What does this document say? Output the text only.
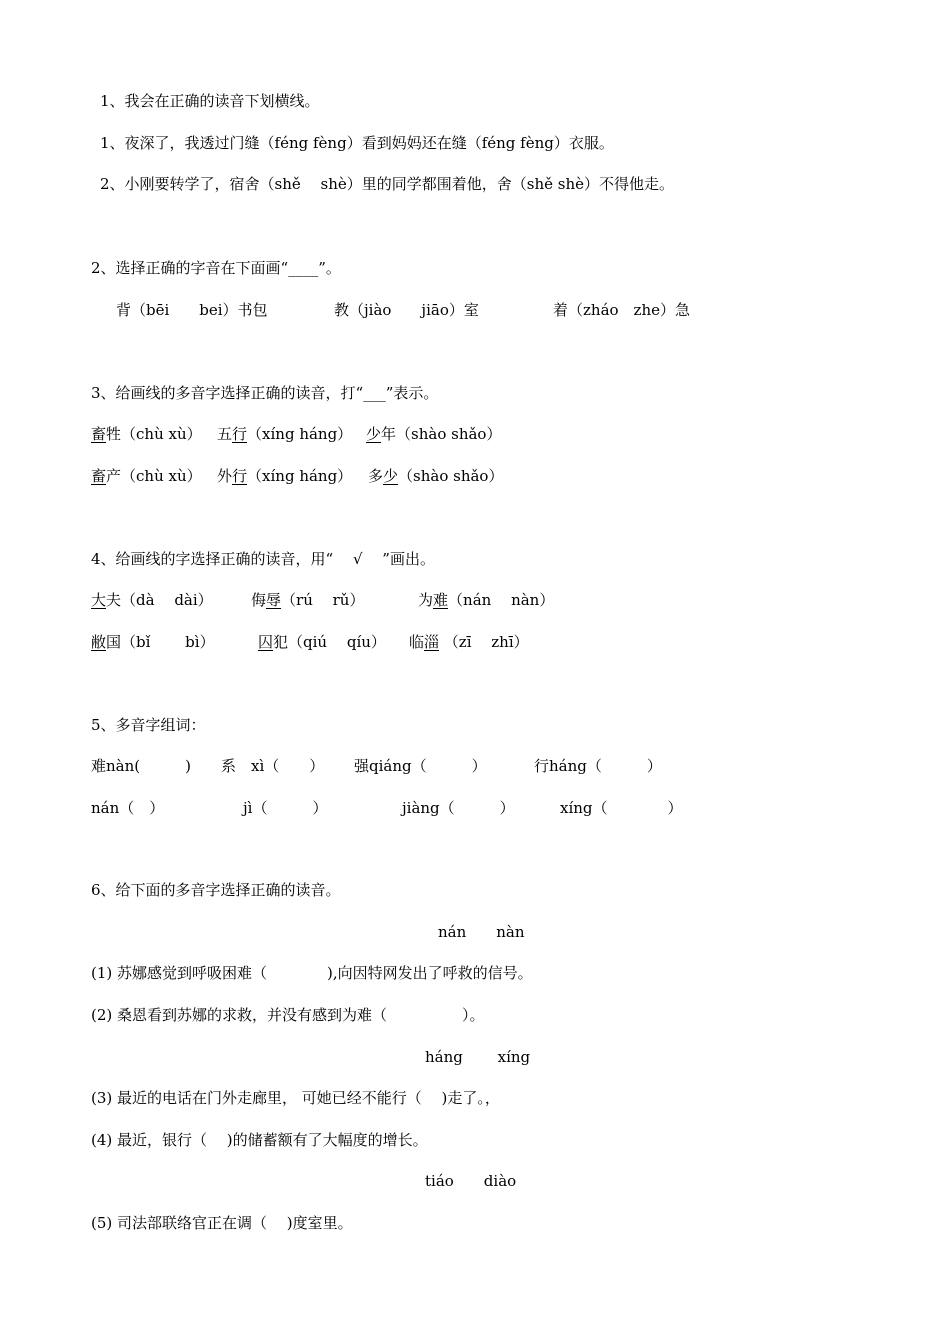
1、我会在正确的读音下划横线。
1、夜深了，我透过门缝（féng fèng）看到妈妈还在缝（féng fèng）衣服。
2、小刚要转学了，宿舍（shě　 shè）里的同学都围着他，舍（shě shè）不得他走。
2、选择正确的字音在下面画“____”。
背（bēi　　bei）书包	教（jiào　　jiāo）室	着（zháo　zhe）急
3、给画线的多音字选择正确的读音，打“___”表示。
畜牲（chù xù） 五行（xíng háng） 少年（shào shǎo）
畜产（chù xù） 外行（xíng háng） 多少（shào shǎo）
4、给画线的字选择正确的读音，用“　 √　 ”画出。
大夫（dà　 dài）	侮辱（rú　 rǔ）	为难（nán　 nàn）
敝国（bǐ　　 bì）	囚犯（qiú　 qíu） 临淄 （zī　 zhī）
5、多音字组词：
难nàn(　　　) 系　xì（　　） 强qiáng（　　　）	行háng（　　　）
nán（　）	jì（　　　）	jiàng（　　　）	xíng（　　　　）
6、给下面的多音字选择正确的读音。
nán　　nàn
(1) 苏娜感觉到呼吸困难（　　　　),向因特网发出了呼救的信号。
(2) 桑恩看到苏娜的求救，并没有感到为难（　　　　　）。
háng　　 xíng
(3) 最近的电话在门外走廊里， 可她已经不能行（　 )走了。，
(4) 最近，银行（　 )的储蓄额有了大幅度的增长。
tiáo　　diào
(5) 司法部联络官正在调（　 )度室里。
